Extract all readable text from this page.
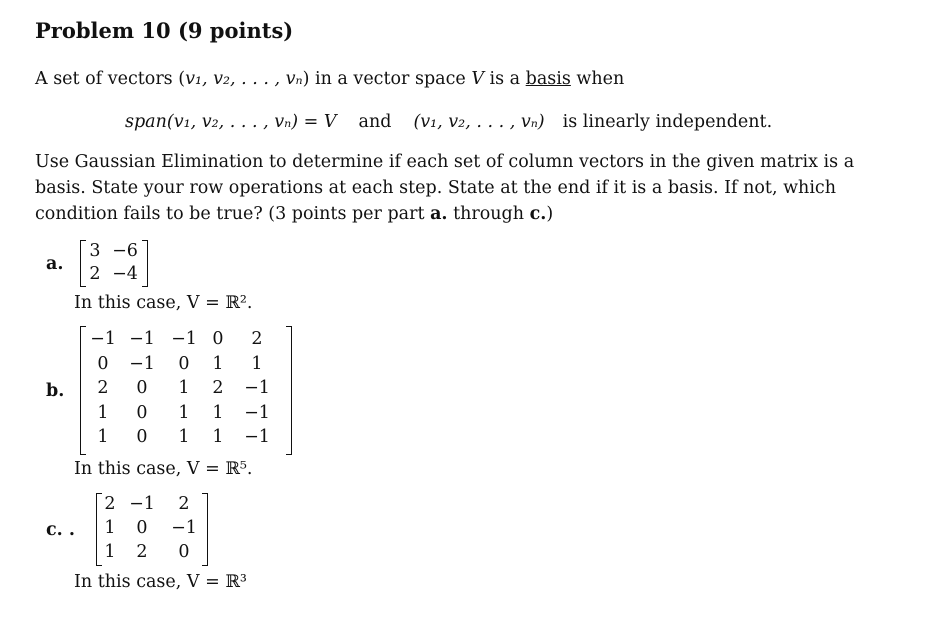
Problem 10 (9 points)
A set of vectors (v₁, v₂, . . . , vₙ) in a vector space V is a basis when
span(v₁, v₂, . . . , vₙ) = V and (v₁, v₂, . . . , vₙ) is linearly independent.
Use Gaussian Elimination to determine if each set of column vectors in the given matrix is a
basis. State your row operations at each step. State at the end if it is a basis. If not, which
condition fails to be true? (3 points per part a. through c.)
a.
3 −6
2 −4
In this case, V = ℝ².
b.
−1 −1 −1 0	2
0	−1	0	1	1
2	0	1	2	−1
1	0	1	1	−1
1	0	1	1	−1
In this case, V = ℝ⁵.
c. .
2 −1	2
1	0	−1
1	2	0
In this case, V = ℝ³
